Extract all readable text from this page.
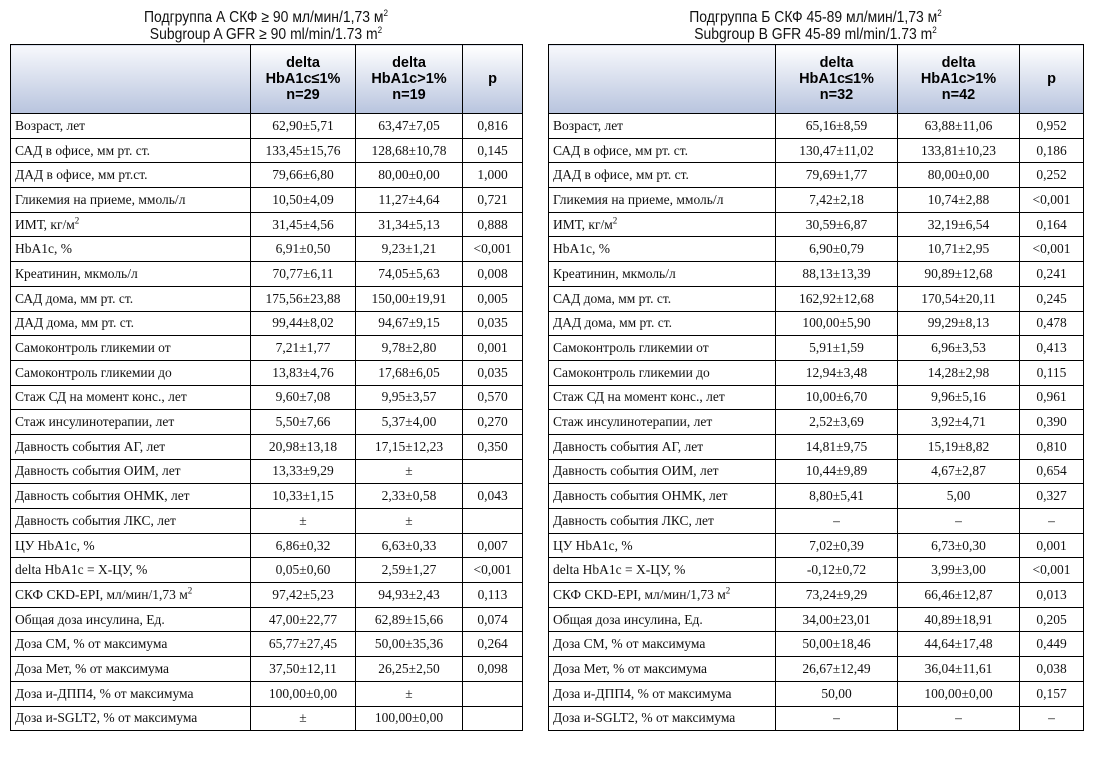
Подгруппа А СКФ ≥ 90 мл/мин/1,73 $м^2$
Subgroup A GFR ≥ 90 ml/min/1.73 $m^2$
	delta
HbA1c≤1%
n=29	delta
HbA1c>1%
n=19	p
Возраст, лет	62,90±5,71	63,47±7,05	0,816
САД в офисе, мм рт. ст.	133,45±15,76	128,68±10,78	0,145
ДАД в офисе, мм рт.ст.	79,66±6,80	80,00±0,00	1,000
Гликемия на приеме, ммоль/л	10,50±4,09	11,27±4,64	0,721
ИМТ, $кг/м^2$	31,45±4,56	31,34±5,13	0,888
HbA1c, %	6,91±0,50	9,23±1,21	<0,001
Креатинин, мкмоль/л	70,77±6,11	74,05±5,63	0,008
САД дома, мм рт. ст.	175,56±23,88	150,00±19,91	0,005
ДАД дома, мм рт. ст.	99,44±8,02	94,67±9,15	0,035
Самоконтроль гликемии от	7,21±1,77	9,78±2,80	0,001
Самоконтроль гликемии до	13,83±4,76	17,68±6,05	0,035
Стаж СД на момент конс., лет	9,60±7,08	9,95±3,57	0,570
Стаж инсулинотерапии, лет	5,50±7,66	5,37±4,00	0,270
Давность события АГ, лет	20,98±13,18	17,15±12,23	0,350
Давность события ОИМ, лет	13,33±9,29	±	
Давность события ОНМК, лет	10,33±1,15	2,33±0,58	0,043
Давность события ЛКС, лет	±	±	
ЦУ HbA1c, %	6,86±0,32	6,63±0,33	0,007
delta HbA1c = Х-ЦУ, %	0,05±0,60	2,59±1,27	<0,001
СКФ CKD-EPI, мл/мин/1,73 $м^2$	97,42±5,23	94,93±2,43	0,113
Общая доза инсулина, Ед.	47,00±22,77	62,89±15,66	0,074
Доза СМ, % от максимума	65,77±27,45	50,00±35,36	0,264
Доза Мет, % от максимума	37,50±12,11	26,25±2,50	0,098
Доза и-ДПП4, % от максимума	100,00±0,00	±	
Доза и-SGLT2, % от максимума	±	100,00±0,00	
Подгруппа Б СКФ 45-89 мл/мин/1,73 $м^2$
Subgroup B GFR 45-89 ml/min/1.73 $m^2$
	delta
HbA1c≤1%
n=32	delta
HbA1c>1%
n=42	p
Возраст, лет	65,16±8,59	63,88±11,06	0,952
САД в офисе, мм рт. ст.	130,47±11,02	133,81±10,23	0,186
ДАД в офисе, мм рт. ст.	79,69±1,77	80,00±0,00	0,252
Гликемия на приеме, ммоль/л	7,42±2,18	10,74±2,88	<0,001
ИМТ, $кг/м^2$	30,59±6,87	32,19±6,54	0,164
HbA1c, %	6,90±0,79	10,71±2,95	<0,001
Креатинин, мкмоль/л	88,13±13,39	90,89±12,68	0,241
САД дома, мм рт. ст.	162,92±12,68	170,54±20,11	0,245
ДАД дома, мм рт. ст.	100,00±5,90	99,29±8,13	0,478
Самоконтроль гликемии от	5,91±1,59	6,96±3,53	0,413
Самоконтроль гликемии до	12,94±3,48	14,28±2,98	0,115
Стаж СД на момент конс., лет	10,00±6,70	9,96±5,16	0,961
Стаж инсулинотерапии, лет	2,52±3,69	3,92±4,71	0,390
Давность события АГ, лет	14,81±9,75	15,19±8,82	0,810
Давность события ОИМ, лет	10,44±9,89	4,67±2,87	0,654
Давность события ОНМК, лет	8,80±5,41	5,00	0,327
Давность события ЛКС, лет	–	–	–
ЦУ HbA1c, %	7,02±0,39	6,73±0,30	0,001
delta HbA1c = Х-ЦУ, %	-0,12±0,72	3,99±3,00	<0,001
СКФ CKD-EPI, мл/мин/1,73 $м^2$	73,24±9,29	66,46±12,87	0,013
Общая доза инсулина, Ед.	34,00±23,01	40,89±18,91	0,205
Доза СМ, % от максимума	50,00±18,46	44,64±17,48	0,449
Доза Мет, % от максимума	26,67±12,49	36,04±11,61	0,038
Доза и-ДПП4, % от максимума	50,00	100,00±0,00	0,157
Доза и-SGLT2, % от максимума	–	–	–
